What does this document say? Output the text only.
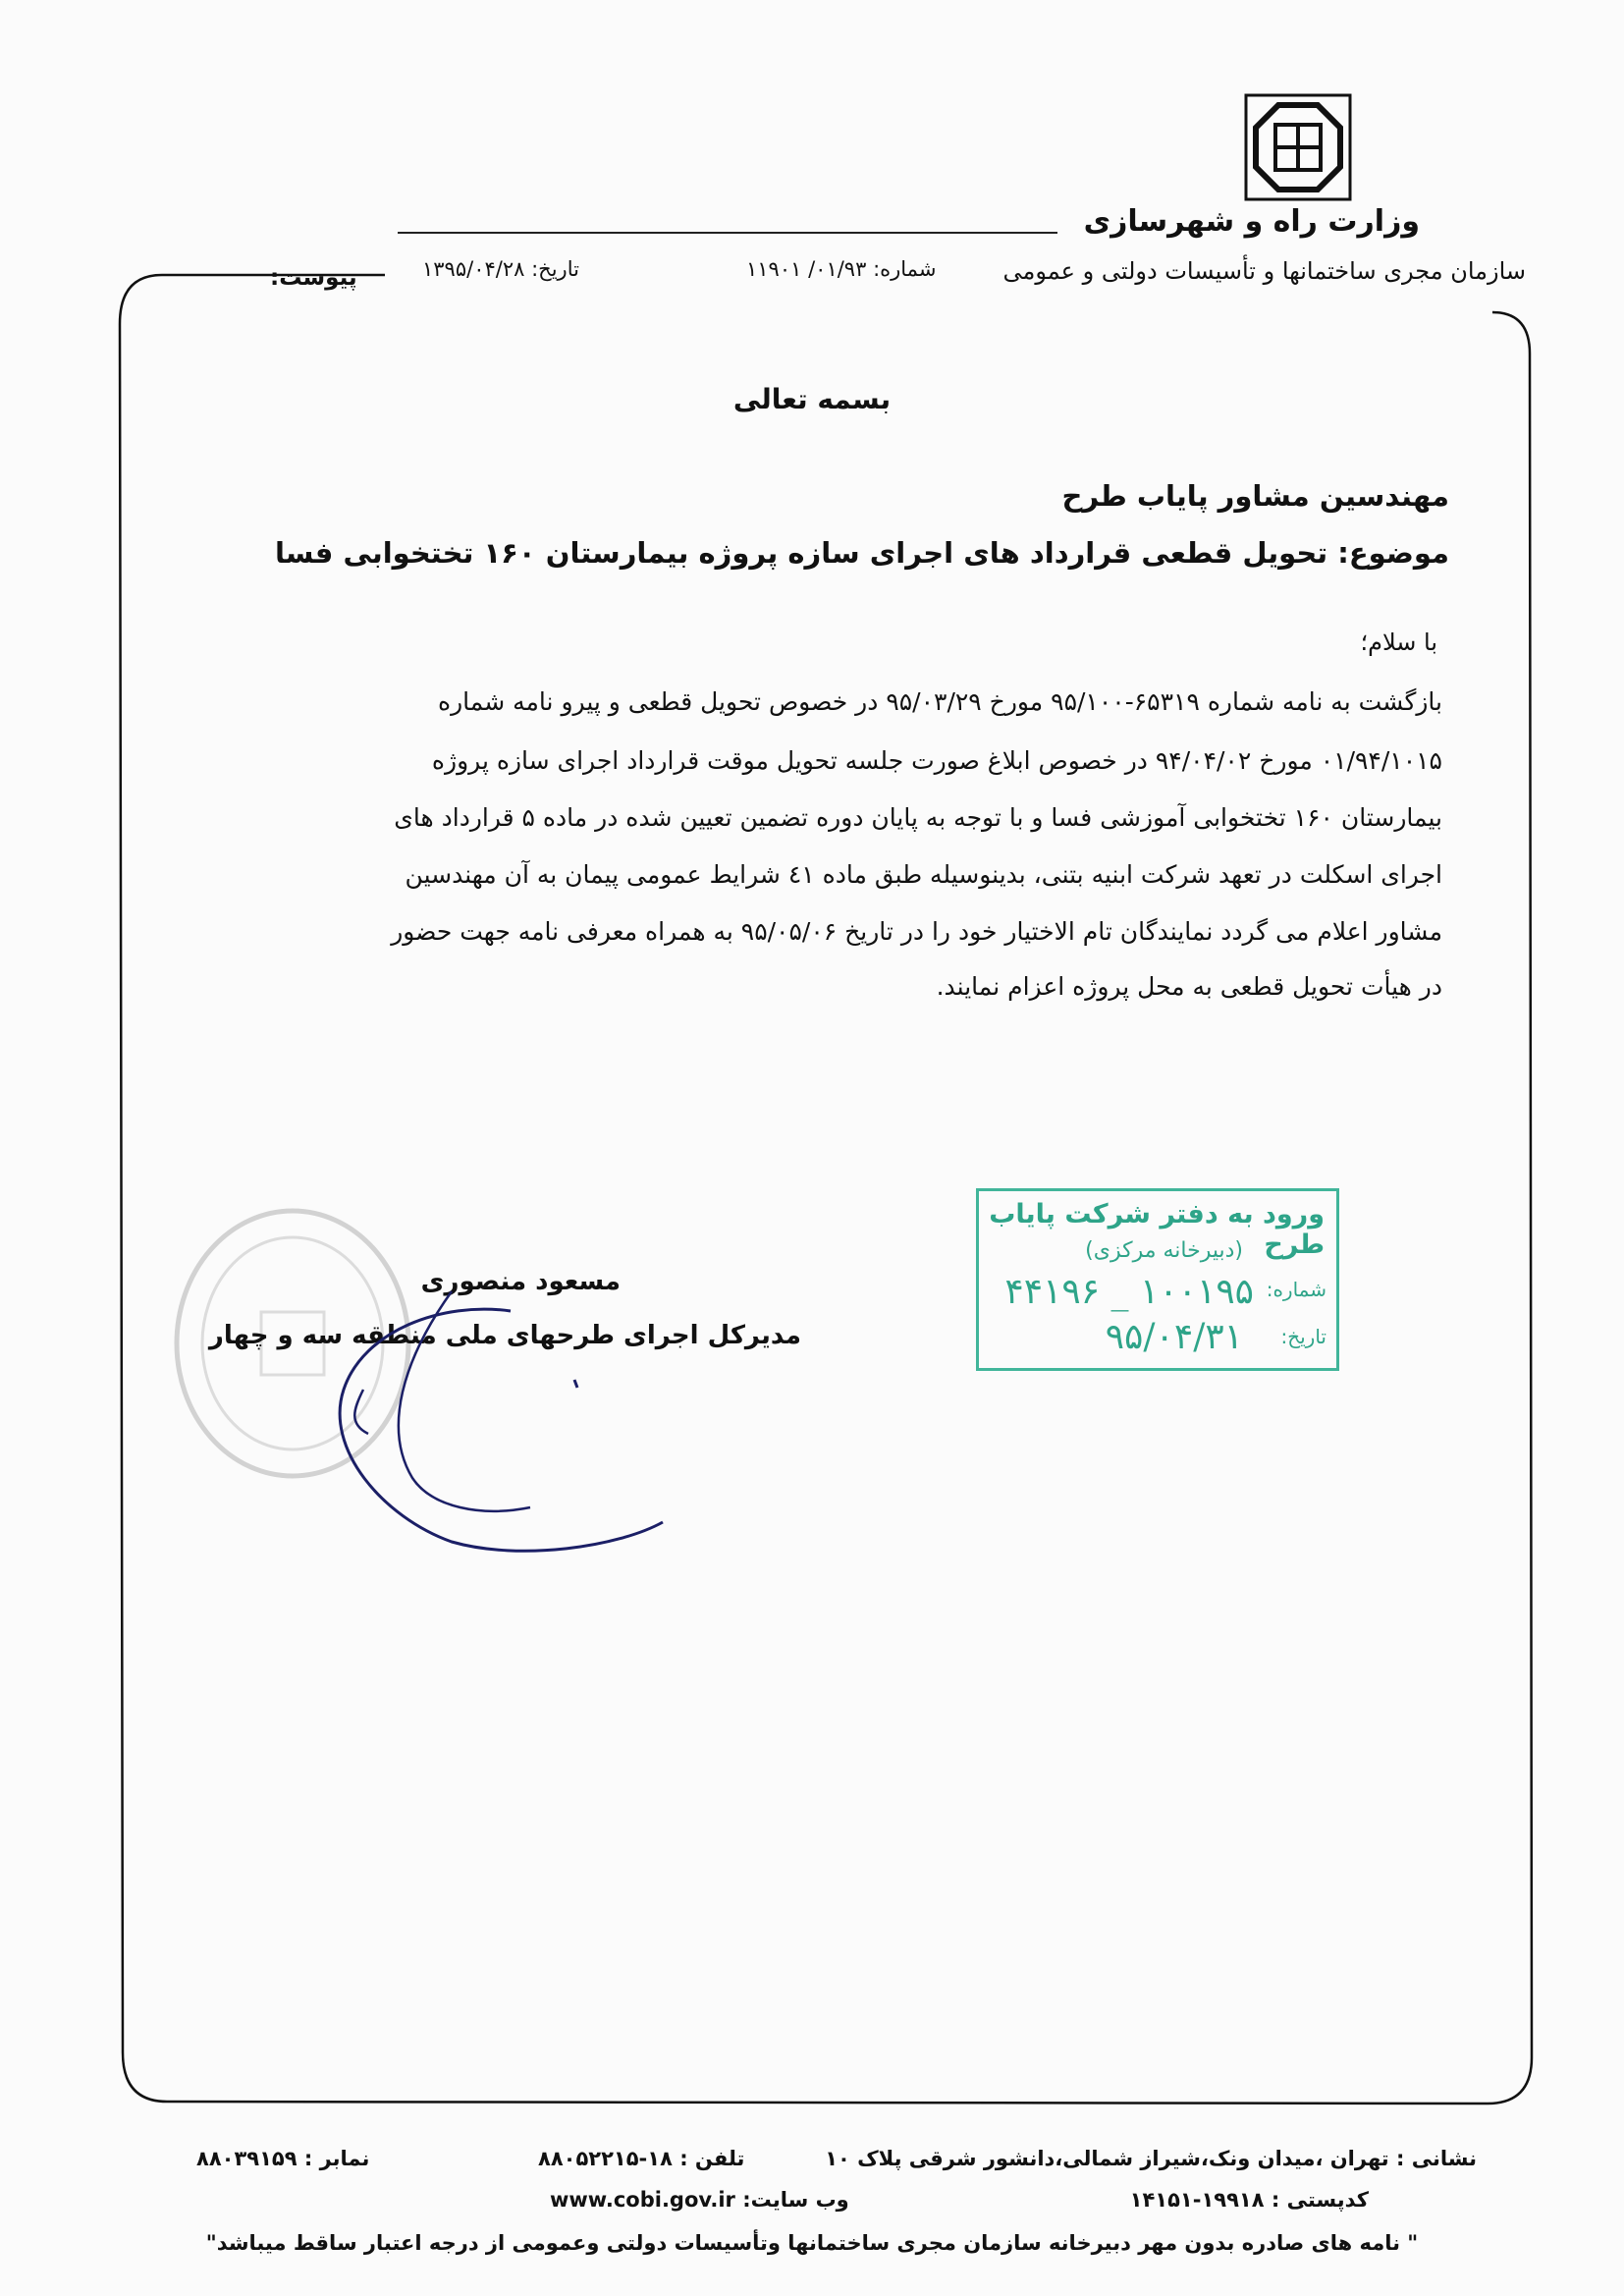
وزارت راه و شهرسازی
سازمان مجری ساختمانها و تأسیسات دولتی و عمومی
شماره: ۰۱/۹۳/ ۱۱۹۰۱
تاریخ: ۱۳۹۵/۰۴/۲۸
پیوست:
بسمه تعالی
مهندسین مشاور پایاب طرح
موضوع: تحویل قطعی قرارداد های اجرای سازه پروژه بیمارستان ۱۶۰ تختخوابی فسا
با سلام؛
بازگشت به نامه شماره ۶۵۳۱۹-۹۵/۱۰۰ مورخ ۹۵/۰۳/۲۹ در خصوص تحویل قطعی و پیرو نامه شماره
۰۱/۹۴/۱۰۱۵ مورخ ۹۴/۰۴/۰۲ در خصوص ابلاغ صورت جلسه تحویل موقت قرارداد اجرای سازه پروژه
بیمارستان ۱۶۰ تختخوابی آموزشی فسا و با توجه به پایان دوره تضمین تعیین شده در ماده ۵ قرارداد های
اجرای اسکلت در تعهد شرکت ابنیه بتنی، بدینوسیله طبق ماده ٤۱ شرایط عمومی پیمان به آن مهندسین
مشاور اعلام می گردد نمایندگان تام الاختیار خود را در تاریخ ۹۵/۰۵/۰۶ به همراه معرفی نامه جهت حضور
در هیأت تحویل قطعی به محل پروژه اعزام نمایند.
مسعود منصوری
مدیرکل اجرای طرحهای ملی منطقه سه و چهار
ورود به دفتر شرکت پایاب طرح
(دبیرخانه مرکزی)
شماره:
۱۰۰۱۹۵ _ ۴۴۱۹۶
تاریخ:
۹۵/۰۴/۳۱
نشانی : تهران ،میدان ونک،شیراز شمالی،دانشور شرقی پلاک ۱۰
کدپستی : ۱۹۹۱۸-۱۴۱۵۱
تلفن : ۱۸-۸۸۰۵۲۲۱۵
وب سایت: www.cobi.gov.ir
نمابر : ۸۸۰۳۹۱۵۹
" نامه های صادره بدون مهر دبیرخانه سازمان مجری ساختمانها وتأسیسات دولتی وعمومی از درجه اعتبار ساقط میباشد"
